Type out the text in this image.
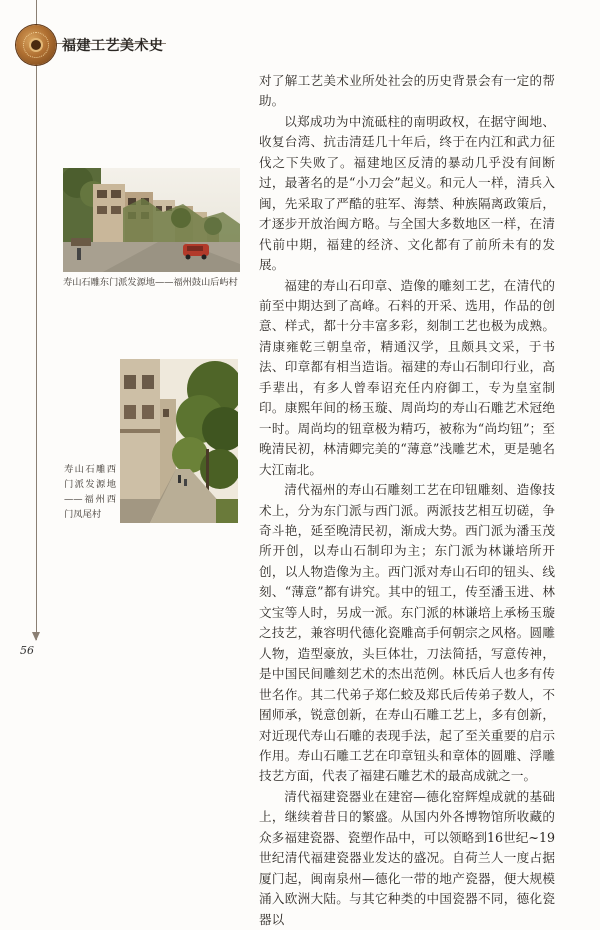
福建工艺美术史
寿山石雕东门派发源地——福州鼓山后屿村
寿山石雕西门派发源地——福州西门凤尾村

对了解工艺美术业所处社会的历史背景会有一定的帮助。

以郑成功为中流砥柱的南明政权，在据守闽地、收复台湾、抗击清廷几十年后，终于在内江和武力征伐之下失败了。福建地区反清的暴动几乎没有间断过，最著名的是“小刀会”起义。和元人一样，清兵入闽，先采取了严酷的驻军、海禁、种族隔离政策后，才逐步开放治闽方略。与全国大多数地区一样，在清代前中期，福建的经济、文化都有了前所未有的发展。

福建的寿山石印章、造像的雕刻工艺，在清代的前至中期达到了高峰。石料的开采、选用，作品的创意、样式，都十分丰富多彩，刻制工艺也极为成熟。清康雍乾三朝皇帝，精通汉学，且颇具文采，于书法、印章都有相当造诣。福建的寿山石制印行业，高手辈出，有多人曾奉诏充任内府御工，专为皇室制印。康熙年间的杨玉璇、周尚均的寿山石雕艺术冠绝一时。周尚均的钮章极为精巧，被称为“尚均钮”；至晚清民初，林清卿完美的“薄意”浅雕艺术，更是驰名大江南北。

清代福州的寿山石雕刻工艺在印钮雕刻、造像技术上，分为东门派与西门派。两派技艺相互切磋，争奇斗艳，延至晚清民初，渐成大势。西门派为潘玉茂所开创，以寿山石制印为主；东门派为林谦培所开创，以人物造像为主。西门派对寿山石印的钮头、线刻、“薄意”都有讲究。其中的钮工，传至潘玉进、林文宝等人时，另成一派。东门派的林谦培上承杨玉璇之技艺，兼容明代德化瓷雕高手何朝宗之风格。圆雕人物，造型豪放，头巨体壮，刀法简括，写意传神，是中国民间雕刻艺术的杰出范例。林氏后人也多有传世名作。其二代弟子郑仁蛟及郑氏后传弟子数人，不囿师承，锐意创新，在寿山石雕工艺上，多有创新，对近现代寿山石雕的表现手法，起了至关重要的启示作用。寿山石雕工艺在印章钮头和章体的圆雕、浮雕技艺方面，代表了福建石雕艺术的最高成就之一。

清代福建瓷器业在建窑—德化窑辉煌成就的基础上，继续着昔日的繁盛。从国内外各博物馆所收藏的众多福建瓷器、瓷塑作品中，可以领略到16世纪~19世纪清代福建瓷器业发达的盛况。自荷兰人一度占据厦门起，闽南泉州—德化一带的地产瓷器，便大规模涌入欧洲大陆。与其它种类的中国瓷器不同，德化瓷器以

56
